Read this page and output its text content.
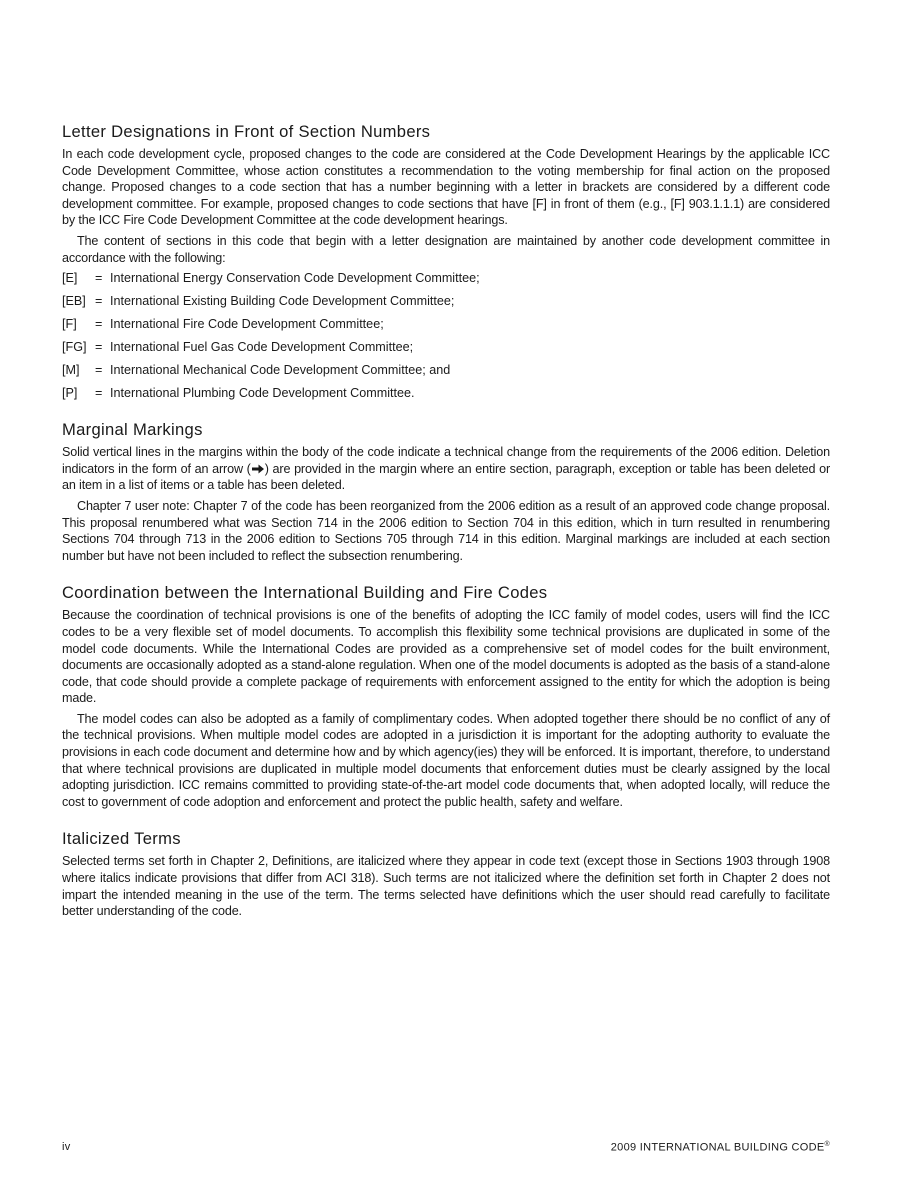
Letter Designations in Front of Section Numbers

In each code development cycle, proposed changes to the code are considered at the Code Development Hearings by the applicable ICC Code Development Committee, whose action constitutes a recommendation to the voting membership for final action on the proposed change. Proposed changes to a code section that has a number beginning with a letter in brackets are considered by a different code development committee. For example, proposed changes to code sections that have [F] in front of them (e.g., [F] 903.1.1.1) are considered by the ICC Fire Code Development Committee at the code development hearings.

The content of sections in this code that begin with a letter designation are maintained by another code development committee in accordance with the following:

[E]	= International Energy Conservation Code Development Committee;
[EB] = International Existing Building Code Development Committee;
[F]	= International Fire Code Development Committee;
[FG] = International Fuel Gas Code Development Committee;
[M]	= International Mechanical Code Development Committee; and
[P]	= International Plumbing Code Development Committee.
Marginal Markings

Solid vertical lines in the margins within the body of the code indicate a technical change from the requirements of the 2006 edition. Deletion indicators in the form of an arrow ( ) are provided in the margin where an entire section, paragraph, exception or table has been deleted or an item in a list of items or a table has been deleted.

Chapter 7 user note: Chapter 7 of the code has been reorganized from the 2006 edition as a result of an approved code change proposal. This proposal renumbered what was Section 714 in the 2006 edition to Section 704 in this edition, which in turn resulted in renumbering Sections 704 through 713 in the 2006 edition to Sections 705 through 714 in this edition. Marginal markings are included at each section number but have not been included to reflect the subsection renumbering.

Coordination between the International Building and Fire Codes

Because the coordination of technical provisions is one of the benefits of adopting the ICC family of model codes, users will find the ICC codes to be a very flexible set of model documents. To accomplish this flexibility some technical provisions are duplicated in some of the model code documents. While the International Codes are provided as a comprehensive set of model codes for the built environment, documents are occasionally adopted as a stand-alone regulation. When one of the model documents is adopted as the basis of a stand-alone code, that code should provide a complete package of requirements with enforcement assigned to the entity for which the adoption is being made.

The model codes can also be adopted as a family of complimentary codes. When adopted together there should be no conflict of any of the technical provisions. When multiple model codes are adopted in a jurisdiction it is important for the adopting authority to evaluate the provisions in each code document and determine how and by which agency(ies) they will be enforced. It is important, therefore, to understand that where technical provisions are duplicated in multiple model documents that enforcement duties must be clearly assigned by the local adopting jurisdiction. ICC remains committed to providing state-of-the-art model code documents that, when adopted locally, will reduce the cost to government of code adoption and enforcement and protect the public health, safety and welfare.

Italicized Terms

Selected terms set forth in Chapter 2, Definitions, are italicized where they appear in code text (except those in Sections 1903 through 1908 where italics indicate provisions that differ from ACI 318). Such terms are not italicized where the definition set forth in Chapter 2 does not impart the intended meaning in the use of the term. The terms selected have definitions which the user should read carefully to facilitate better understanding of the code.

iv	2009 INTERNATIONAL BUILDING CODE®
